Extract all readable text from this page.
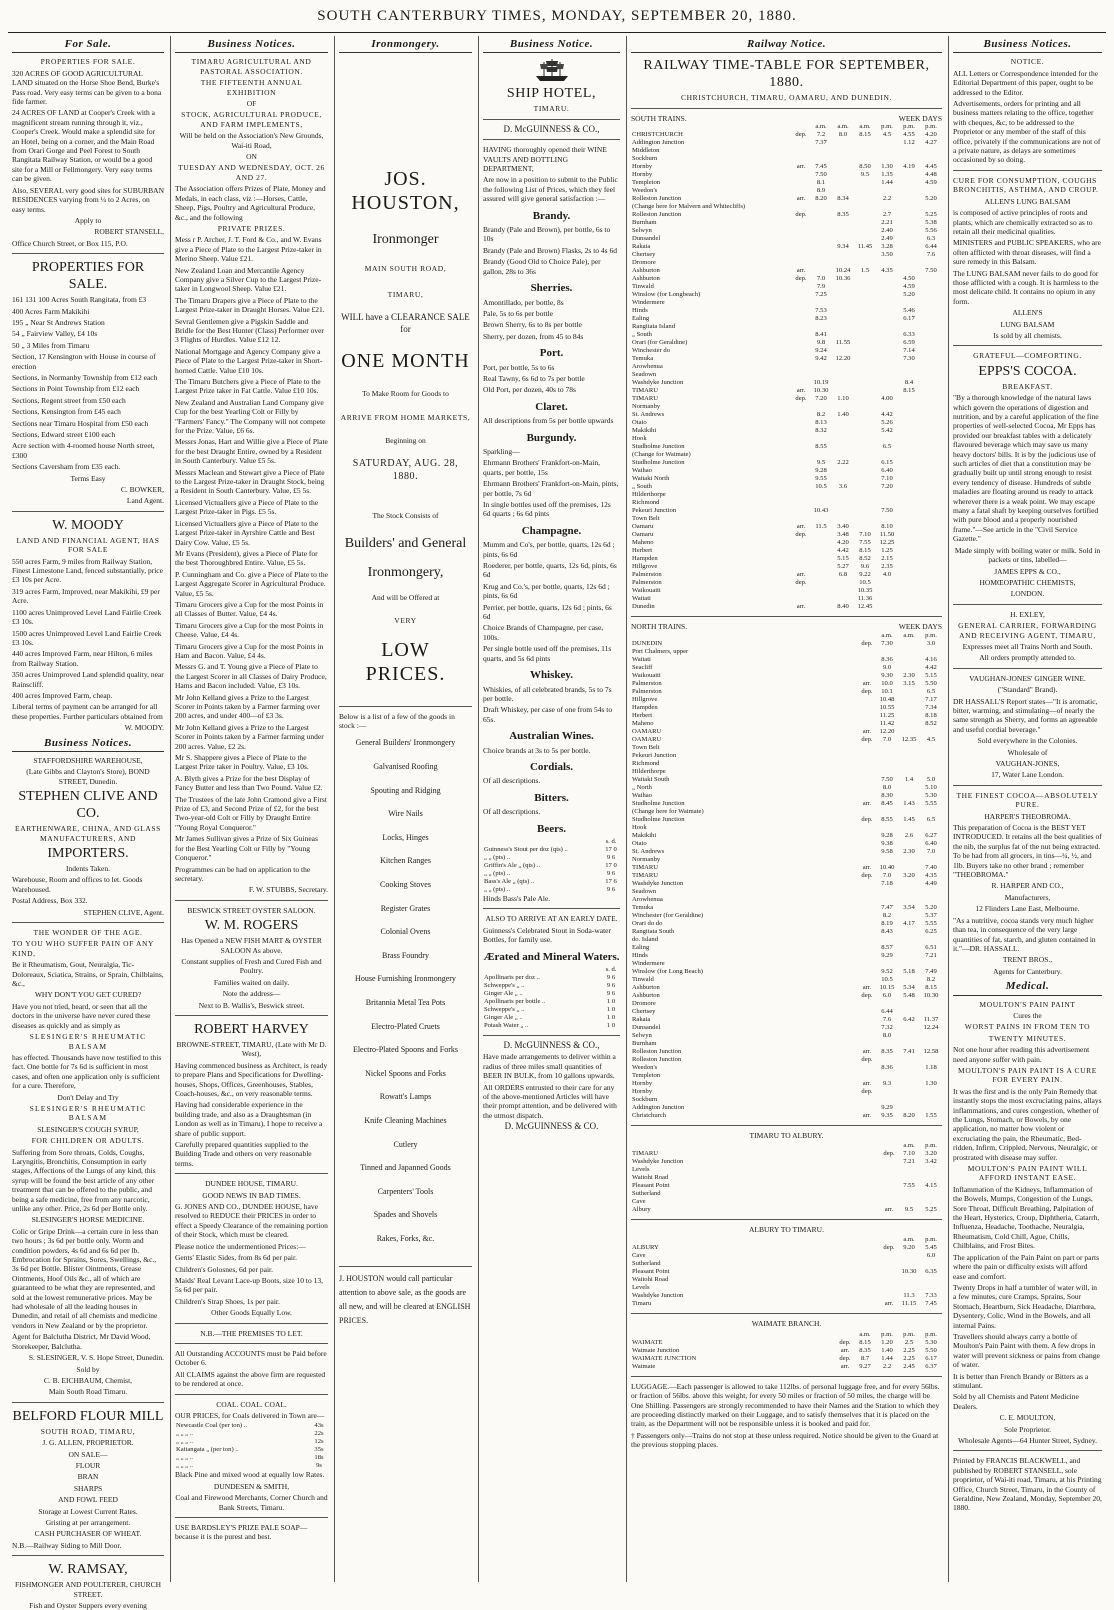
SOUTH CANTERBURY TIMES, MONDAY, SEPTEMBER 20, 1880.
For Sale.

PROPERTIES FOR SALE.

320 ACRES OF GOOD AGRICULTURAL LAND situated on the Horse Shoe Bend, Burke's Pass road. Very easy terms can be given to a bona fide farmer.

24 ACRES OF LAND at Cooper's Creek with a magnificent stream running through it, viz., Cooper's Creek. Would make a splendid site for an Hotel, being on a corner, and the Main Road from Orari Gorge and Peel Forest to South Rangitata Railway Station, or would be a good site for a Mill or Fellmongery. Very easy terms can be given.

Also, SEVERAL very good sites for SUBURBAN RESIDENCES varying from ¼ to 2 Acres, on easy terms.

Apply to

ROBERT STANSELL,

Office Church Street, or Box 115, P.O.

PROPERTIES FOR SALE.

161 131 100 Acres South Rangitata, from £3

400 Acres Farm Makikihi

195 „ Near St Andrews Station

54 „ Fairview Valley, £4 10s

50 „ 3 Miles from Timaru

Section, 17 Kensington with House in course of erection

Sections, in Normanby Township from £12 each

Sections in Point Township from £12 each

Sections, Regent street from £50 each

Sections, Kensington from £45 each

Sections near Timaru Hospital from £50 each

Sections, Edward street £100 each

Acre section with 4-roomed house North street, £300

Sections Caversham from £35 each.

Terms Easy

C. BOWKER,

Land Agent.

W. MOODY

LAND AND FINANCIAL AGENT, HAS FOR SALE

550 acres Farm, 9 miles from Railway Station, Finest Limestone Land, fenced substantially, price £3 10s per Acre.

319 acres Farm, Improved, near Makikihi, £9 per Acre.

1100 acres Unimproved Level Land Fairlie Creek £3 10s.

1500 acres Unimproved Level Land Fairlie Creek £3 10s.

440 acres Improved Farm, near Hilton, 6 miles from Railway Station.

350 acres Unimproved Land splendid quality, near Rainscliff.

400 acres Improved Farm, cheap.

Liberal terms of payment can be arranged for all these properties. Further particulars obtained from

W. MOODY.

Business Notices.

STAFFORDSHIRE WAREHOUSE,

(Late Gibbs and Clayton's Store), BOND STREET, Dunedin.

STEPHEN CLIVE AND CO.

EARTHENWARE, CHINA, AND GLASS MANUFACTURERS, AND

IMPORTERS.

Indents Taken.

Warehouse, Room and offices to let. Goods Warehoused.

Postal Address, Box 332.

STEPHEN CLIVE, Agent.

THE WONDER OF THE AGE.

TO YOU WHO SUFFER PAIN OF ANY KIND,

Be it Rheumatism, Gout, Neuralgia, Tic-Doloreaux, Sciatica, Strains, or Sprain, Chilblains, &c.,

WHY DON'T YOU GET CURED?

Have you not tried, heard, or seen that all the doctors in the universe have never cured these diseases as quickly and as simply as

SLESINGER'S RHEUMATIC BALSAM

has effected. Thousands have now testified to this fact. One bottle for 7s 6d is sufficient in most cases, and often one application only is sufficient for a cure. Therefore,

Don't Delay and Try

SLESINGER'S RHEUMATIC BALSAM

SLESINGER'S COUGH SYRUP,

FOR CHILDREN OR ADULTS.

Suffering from Sore throats, Colds, Coughs, Laryngitis, Bronchitis, Consumption in early stages, Affections of the Lungs of any kind, this syrup will be found the best article of any other treatment that can be offered to the public, and being a safe medicine, free from any narcotic, unlike any other. Price, 2s 6d per Bottle only.

SLESINGER'S HORSE MEDICINE.

Colic or Gripe Drink—a certain cure in less than two hours ; 3s 6d per bottle only. Worm and condition powders, 4s 6d and 6s 6d per lb. Embrocation for Sprains, Sores, Swellings, &c., 3s 6d per Bottle. Blister Ointments, Grease Ointments, Hoof Oils &c., all of which are guaranteed to be what they are represented, and sold at the lowest remunerative prices. May be had wholesale of all the leading houses in Dunedin, and retail of all chemists and medicine vendors in New Zealand or by the proprietor.

Agent for Balclutha District, Mr David Wood, Storekeeper, Balclutha.

S. SLESINGER, V. S. Hope Street, Dunedin.

Sold by

C. B. EICHBAUM, Chemist,

Main South Road Timaru.

BELFORD FLOUR MILL

SOUTH ROAD, TIMARU,

J. G. ALLEN, PROPRIETOR.

ON SALE—

FLOUR

BRAN

SHARPS

AND FOWL FEED

Storage at Lowest Current Rates.

Gristing at per arrangement.

CASH PURCHASER OF WHEAT.

N.B.—Railway Siding to Mill Door.

W. RAMSAY,

FISHMONGER AND POULTERER, CHURCH STREET.

Fish and Oyster Suppers every evening

Business Notices.

TIMARU AGRICULTURAL AND PASTORAL ASSOCIATION.

THE FIFTEENTH ANNUAL EXHIBITION

OF

STOCK, AGRICULTURAL PRODUCE, AND FARM IMPLEMENTS,

Will be held on the Association's New Grounds, Wai-iti Road,

ON

TUESDAY AND WEDNESDAY, OCT. 26 AND 27.

The Association offers Prizes of Plate, Money and Medals, in each class, viz :—Horses, Cattle, Sheep, Pigs, Poultry and Agricultural Produce, &c., and the following

PRIVATE PRIZES.

Mess r P. Archer, J. T. Ford & Co., and W. Evans give a Piece of Plate to the Largest Prize-taker in Merino Sheep. Value £21.

New Zealand Loan and Mercantile Agency Company give a Silver Cup to the Largest Prize-taker in Longwool Sheep. Value £21.

The Timaru Drapers give a Piece of Plate to the Largest Prize-taker in Draught Horses. Value £21.

Sevral Gentlemen give a Pigskin Saddle and Bridle for the Best Hunter (Class) Performer over 3 Flights of Hurdles. Value £12 12.

National Mortgage and Agency Company give a Piece of Plate to the Largest Prize-taker in Short-horned Cattle. Value £10 10s.

The Timaru Butchers give a Piece of Plate to the Largest Prize taker in Fat Cattle. Value £10 10s.

New Zealand and Australian Land Company give Cup for the best Yearling Colt or Filly by "Farmers' Fancy." The Company will not compete for the Prize. Value, £6 6s.

Messrs Jonas, Hart and Willie give a Piece of Plate for the best Draught Entire, owned by a Resident in South Canterbury. Value £5 5s.

Messrs Maclean and Stewart give a Piece of Plate to the Largest Prize-taker in Draught Stock, being a Resident in South Canterbury. Value, £5 5s.

Licensed Victuallers give a Piece of Plate to the Largest Prize-taker in Pigs. £5 5s.

Licensed Victuallers give a Piece of Plate to the Largest Prize-taker in Ayrshire Cattle and Best Dairy Cow. Value, £5 5s.

Mr Evans (President), gives a Piece of Plate for the best Thoroughbred Entire. Value, £5 5s.

P. Cunningham and Co. give a Piece of Plate to the Largest Aggregate Scorer in Agricultural Produce. Value, £5 5s.

Timaru Grocers give a Cup for the most Points in all Classes of Butter. Value, £4 4s.

Timaru Grocers give a Cup for the most Points in Cheese. Value, £4 4s.

Timaru Grocers give a Cup for the most Points in Ham and Bacon. Value, £4 4s.

Messrs G. and T. Young give a Piece of Plate to the Largest Scorer in all Classes of Dairy Produce, Hams and Bacon included. Value, £3 10s.

Mr John Kelland gives a Prize to the Largest Scorer in Points taken by a Farmer farming over 200 acres, and under 400—of £3 3s.

Mr John Kelland gives a Prize to the Largest Scorer in Points taken by a Farmer farming under 200 acres. Value, £2 2s.

Mr S. Shappere gives a Piece of Plate to the Largest Prize taker in Poultry. Value, £3 10s.

A. Blyth gives a Prize for the best Display of Fancy Butter and less than Two Pound. Value £2.

The Trustees of the late John Cramond give a First Prize of £3, and Second Prize of £2, for the best Two-year-old Colt or Filly by Draught Entire "Young Royal Conqueror."

Mr James Sullivan gives a Prize of Six Guineas for the Best Yearling Colt or Filly by "Young Conqueror."

Programmes can be had on application to the secretary.

F. W. STUBBS, Secretary.

BESWICK STREET OYSTER SALOON.

W. M. ROGERS

Has Opened a NEW FISH MART & OYSTER SALOON As above.

Constant supplies of Fresh and Cured Fish and Poultry.

Families waited on daily.

Note the address—

Next to B. Wallis's, Beswick street.

ROBERT HARVEY

BROWNE-STREET, TIMARU, (Late with Mr D. West),

Having commenced business as Architect, is ready to prepare Plans and Specifications for Dwelling-houses, Shops, Offices, Greenhouses, Stables, Coach-houses, &c., on very reasonable terms.

Having had considerable experience in the building trade, and also as a Draughtsman (in London as well as in Timaru), I hope to receive a share of public support.

Carefully prepared quantities supplied to the Building Trade and others on very reasonable terms.

DUNDEE HOUSE, TIMARU.

GOOD NEWS IN BAD TIMES.

G. JONES AND CO., DUNDEE HOUSE, have resolved to REDUCE their PRICES in order to effect a Speedy Clearance of the remaining portion of their Stock, which must be cleared.

Please notice the undermentioned Prices:—

Gents' Elastic Sides, from 8s 6d per pair.

Children's Golosnes, 6d per pair.

Maids' Real Levant Lace-up Boots, size 10 to 13, 5s 6d per pair.

Children's Strap Shoes, 1s per pair.

Other Goods Equally Low.

N.B.—THE PREMISES TO LET.

All Outstanding ACCOUNTS must be Paid before October 6.

All CLAIMS against the above firm are requested to be rendered at once.

COAL. COAL. COAL.

OUR PRICES, for Coals delivered in Town are—

Newcastle Coal (per ton) ..	43s
„ „ „ ..	22s
„ „ „ ..	12s
Kaitangata „ (per ton) ..	35s
„ „ „ ..	18s
„ „ „ ..	9s

Black Pine and mixed wood at equally low Rates.

DUNDESEN & SMITH,

Coal and Firewood Merchants, Corner Church and Bank Streets, Timaru.

USE BARDSLEY'S PRIZE PALE SOAP—because it is the purest and best.

Ironmongery.

JOS. HOUSTON,

Ironmonger

MAIN SOUTH ROAD,

TIMARU,

WILL have a CLEARANCE SALE for

ONE MONTH

To Make Room for Goods to

ARRIVE FROM HOME MARKETS,

Beginning on

SATURDAY, AUG. 28, 1880.

The Stock Consists of

Builders' and General

Ironmongery,

And will be Offered at

VERY

LOW PRICES.

Below is a list of a few of the goods in stock :—

General Builders' Ironmongery

Galvanised Roofing

Spouting and Ridging

Wire Nails

Locks, Hinges

Kitchen Ranges

Cooking Stoves

Register Grates

Colonial Ovens

Brass Foundry

House Furnishing Ironmongery

Britannia Metal Tea Pots

Electro-Plated Cruets

Electro-Plated Spoons and Forks

Nickel Spoons and Forks

Rowatt's Lamps

Knife Cleaning Machines

Cutlery

Tinned and Japanned Goods

Carpenters' Tools

Spades and Shovels

Rakes, Forks, &c.

J. HOUSTON would call particular attention to above sale, as the goods are all new, and will be cleared at ENGLISH PRICES.

Business Notice.

SHIP HOTEL,

TIMARU.

D. McGUINNESS & CO.,

HAVING thoroughly opened their WINE VAULTS AND BOTTLING DEPARTMENT,

Are now in a position to submit to the Public the following List of Prices, which they feel assured will give general satisfaction :—

Brandy.

Brandy (Pale and Brown), per bottle, 6s to 10s

Brandy (Pale and Brown) Flasks, 2s to 4s 6d

Brandy (Good Old to Choice Pale), per gallon, 28s to 36s

Sherries.

Amontillado, per bottle, 8s

Pale, 5s to 6s per bottle

Brown Sherry, 6s to 8s per bottle

Sherry, per dozen, from 45 to 84s

Port.

Port, per bottle, 5s to 6s

Real Tawny, 6s 6d to 7s per bottle

Old Port, per dozen, 40s to 78s

Claret.

All descriptions from 5s per bottle upwards

Burgundy.

Sparkling—

Ehrmann Brothers' Frankfort-on-Main, quarts, per bottle, 15s

Ehrmann Brothers' Frankfort-on-Main, pints, per bottle, 7s 6d

In single bottles used off the premises, 12s 6d quarts ; 6s 6d pints

Champagne.

Mumm and Co's, per bottle, quarts, 12s 6d ; pints, 6s 6d

Roederer, per bottle, quarts, 12s 6d, pints, 6s 6d

Krug and Co.'s, per bottle, quarts, 12s 6d ; pints, 6s 6d

Perrier, per bottle, quarts, 12s 6d ; pints, 6s 6d

Choice Brands of Champagne, per case, 100s.

Per single bottle used off the premises, 11s quarts, and 5s 6d pints

Whiskey.

Whiskies, of all celebrated brands, 5s to 7s per bottle.

Draft Whiskey, per case of one from 54s to 65s.

Australian Wines.

Choice brands at 3s to 5s per bottle.

Cordials.

Of all descriptions.

Bitters.

Of all descriptions.

Beers.

	s. d.
Guinness's Stout per doz (qts) ..	17 0
„ „ (pts) ..	9 6
Griffin's Ale „ (qts) ..	17 0
„ „ (pts) ..	9 6
Bass's Ale „ (qts) ..	17 6
„ „ (pts) ..	9 6

Hinds Bass's Pale Ale.

ALSO TO ARRIVE AT AN EARLY DATE.

Guinness's Celebrated Stout in Soda-water Bottles, for family use.

Ærated and Mineral Waters.

	s. d.
Apollinaris per doz ..	9 6
Schweppe's „ ..	9 6
Ginger Ale „ ..	9 6
Apollinaris per bottle ..	1 0
Schweppe's „ ..	1 0
Ginger Ale „ ..	1 0
Potash Water „ ..	1 0

D. McGUINNESS & CO.,

Have made arrangements to deliver within a radius of three miles small quantities of BEER IN BULK, from 10 gallons upwards.

All ORDERS entrusted to their care for any of the above-mentioned Articles will have their prompt attention, and be delivered with the utmost dispatch.

D. McGUINNESS & CO.

Railway Notice.

RAILWAY TIME-TABLE FOR SEPTEMBER, 1880.

CHRISTCHURCH, TIMARU, OAMARU, AND DUNEDIN.

SOUTH TRAINS.	WEEK DAYS
		a.m.	a.m.	a.m.	p.m.	p.m.	p.m.
CHRISTCHURCH	dep.	7.2	8.0	8.15	4.5	4.55	4.20
Addington Junction		7.37				1.12	4.27
Middleton							
Sockburn							
Hornby	arr.	7.45		8.50	1.30	4.19	4.45
Hornby		7.50		9.5	1.35		4.48
Templeton		8.1			1.44		4.59
Weedon's		8.9					
Rolleston Junction	arr.	8.20	8.34		2.2		5.20
(Change here for Malvern and Whitecliffs)							
Rolleston Junction	dep.		8.35		2.7		5.25
Burnham					2.21		5.38
Selwyn					2.40		5.56
Dunsandel					2.49		6.3
Rakaia			9.34	11.45	3.28		6.44
Chertsey					3.50		7.6
Dromore							
Ashburton	arr.		10.24	1.5	4.35		7.50
Ashburton	dep.	7.0	10.36			4.50	
Tinwald		7.9				4.59	
Winslow (for Longbeach)		7.25				5.20	
Windermere							
Hinds		7.53				5.46	
Ealing		8.23				6.17	
Rangitata Island							
„ South		8.41				6.33	
Orari (for Geraldine)		9.8	11.55			6.59	
Winchester do		9.24				7.14	
Temuka		9.42	12.20			7.30	
Arowhenua							
Seadown							
Washdyke Junction		10.19				8.4	
TIMARU	arr.	10.30				8.15	
TIMARU	dep.	7.20	1.10		4.00		
Normanby							
St. Andrews		8.2	1.40		4.42		
Otaio		8.13			5.26		
Makikihi		8.32			5.42		
Hook							
Studholme Junction		8.55			6.5		
(Change for Waimate)							
Studholme Junction		9.5	2.22		6.15		
Waihao		9.28			6.40		
Waitaki North		9.55			7.10		
„ South		10.5	3.6		7.20		
Hilderthorpe							
Richmond							
Pekeuri Junction		10.43			7.50		
Town Belt							
Oamaru	arr.	11.5	3.40		8.10		
Oamaru	dep.		3.48	7.10	11.50		
Maheno			4.20	7.55	12.25		
Herbert			4.42	8.15	1.25		
Hampden			5.15	8.52	2.15		
Hillgrove			5.27	9.6	2.35		
Palmerston	arr.		6.8	9.22	4.0		
Palmerston	dep.			10.5			
Waikouaiti				10.35			
Waitati				11.36			
Dunedin	arr.		8.40	12.45			
NORTH TRAINS.	WEEK DAYS
		a.m.	a.m.	p.m.
DUNEDIN	dep.	7.30		3.0
Port Chalmers, upper				
Waitati		8.36		4.16
Seacliff		9.0		4.42
Waikouaiti		9.30	2.30	5.15
Palmerston	arr.	10.0	3.15	5.50
Palmerston	dep.	10.1		6.5
Hillgrove		10.48		7.17
Hampden		10.55		7.34
Herbert		11.25		8.18
Maheno		11.42		8.52
OAMARU	arr.	12.20		
OAMARU	dep.	7.0	12.35	4.5
Town Belt				
Pekeuri Junction				
Richmond				
Hilderthorpe				
Waitaki South		7.50	1.4	5.0
„ North		8.0		5.10
Waihao		8.30		5.30
Studholme Junction	arr.	8.45	1.43	5.55
(Change here for Waimate)				
Studholme Junction	dep.	8.55	1.45	6.5
Hook				
Makikihi		9.28	2.6	6.27
Otaio		9.38		6.40
St. Andrews		9.58	2.30	7.0
Normanby				
TIMARU	arr.	10.40		7.40
TIMARU	dep.	7.0	3.20	4.35
Washdyke Junction		7.18		4.49
Seadown				
Arowhenua				
Temuka		7.47	3.54	5.20
Winchester (for Geraldine)		8.2		5.37
Orari do do		8.19	4.17	5.55
Rangitata South		8.43		6.25
do. Island				
Ealing		8.57		6.51
Hinds		9.29		7.21
Windermere				
Winslow (for Long Beach)		9.52	5.18	7.49
Tinwald		10.5		8.2
Ashburton	arr.	10.15	5.34	8.15
Ashburton	dep.	6.0	5.48	10.30
Dromore				
Chertsey		6.44		
Rakaia		7.6	6.42	11.37
Dunsandel		7.32		12.24
Selwyn		8.0		
Burnham				
Rolleston Junction	arr.	8.35	7.41	12.58
Rolleston Junction	dep.			
Weedon's		8.36		1.18
Templeton				
Hornby	arr.	9.3		1.30
Hornby	dep.			
Sockburn				
Addington Junction		9.29		
Christchurch	arr.	9.35	8.20	1.55

TIMARU TO ALBURY.

		a.m.	p.m.
TIMARU	dep.	7.10	3.20
Washdyke Junction		7.21	3.42
Levels			
Waitohi Road			
Pleasant Point		7.55	4.15
Sutherland			
Cave			
Albury	arr.	9.5	5.25

ALBURY TO TIMARU.

		a.m.	p.m.
ALBURY	dep.	9.20	5.45
Cave			6.0
Sutherland			
Pleasant Point		10.30	6.35
Waitohi Road			
Levels			
Washdyke Junction		11.3	7.33
Timaru	arr.	11.15	7.45

WAIMATE BRANCH.

		a.m.	p.m.	p.m.	p.m.
WAIMATE	dep.	8.15	1.20	2.5	5.30
Waimate Junction	arr.	8.35	1.40	2.25	5.50
WAIMATE JUNCTION	dep.	8.7	1.44	2.25	6.17
Waimate	arr.	9.27	2.2	2.45	6.37

LUGGAGE.—Each passenger is allowed to take 112lbs. of personal luggage free, and for every 56lbs. or fraction of 56lbs. above this weight, for every 50 miles or fraction of 50 miles, the charge will be One Shilling. Passengers are strongly recommended to have their Names and the Station to which they are proceeding distinctly marked on their Luggage, and to satisfy themselves that it is placed on the train, as the Department will not be responsible unless it is booked and paid for.

† Passengers only—Trains do not stop at these unless required. Notice should be given to the Guard at the previous stopping places.

Business Notices.

NOTICE.

ALL Letters or Correspondence intended for the Editorial Department of this paper, ought to be addressed to the Editor.

Advertisements, orders for printing and all business matters relating to the office, together with cheques, &c, to be addressed to the Proprietor or any member of the staff of this office, privately if the communications are not of a private nature, as delays are sometimes occasioned by so doing.

CURE FOR CONSUMPTION, COUGHS BRONCHITIS, ASTHMA, AND CROUP.

ALLEN'S LUNG BALSAM

is composed of active principles of roots and plants, which are chemically extracted so as to retain all their medicinal qualities.

MINISTERS and PUBLIC SPEAKERS, who are often afflicted with throat diseases, will find a sure remedy in this Balsam.

The LUNG BALSAM never fails to do good for those afflicted with a cough. It is harmless to the most delicate child. It contains no opium in any form.

ALLEN'S

LUNG BALSAM

Is sold by all chemists.

GRATEFUL—COMFORTING.

EPPS'S COCOA.

BREAKFAST.

"By a thorough knowledge of the natural laws which govern the operations of digestion and nutrition, and by a careful application of the fine properties of well-selected Cocoa, Mr Epps has provided our breakfast tables with a delicately flavoured beverage which may save us many heavy doctors' bills. It is by the judicious use of such articles of diet that a constitution may be gradually built up until strong enough to resist every tendency of disease. Hundreds of subtle maladies are floating around us ready to attack wherever there is a weak point. We may escape many a fatal shaft by keeping ourselves fortified with pure blood and a properly nourished frame."—See article in the "Civil Service Gazette."

Made simply with boiling water or milk. Sold in packets or tins, labelled—

JAMES EPPS & CO.,

HOMŒOPATHIC CHEMISTS,

LONDON.

H. EXLEY,

GENERAL CARRIER, FORWARDING AND RECEIVING AGENT, TIMARU,

Expresses meet all Trains North and South.

All orders promptly attended to.

VAUGHAN-JONES' GINGER WINE.

("Standard" Brand).

DR HASSALL'S Report states—"It is aromatic, bitter, warming, and stimulating—of nearly the same strength as Sherry, and forms an agreeable and useful cordial beverage."

Sold everywhere in the Colonies.

Wholesale of

VAUGHAN-JONES,

17, Water Lane London.

THE FINEST COCOA—ABSOLUTELY PURE.

HARPER'S THEOBROMA.

This preparation of Cocoa is the BEST YET INTRODUCED. It retains all the best qualities of the nib, the surplus fat of the nut being extracted. To be had from all grocers, in tins—¼, ½, and 1lb. Buyers take no other brand ; remember "THEOBROMA."

R. HARPER AND CO.,

Manufacturers,

12 Flinders Lane East, Melbourne.

"As a nutritive, cocoa stands very much higher than tea, in consequence of the very large quantities of fat, starch, and gluten contained in it."—DR. HASSALL.

TRENT BROS.,

Agents for Canterbury.

Medical.

MOULTON'S PAIN PAINT

Cures the

WORST PAINS IN FROM TEN TO

TWENTY MINUTES.

Not one hour after reading this advertisement need anyone suffer with pain.

MOULTON'S PAIN PAINT IS A CURE FOR EVERY PAIN.

It was the first and is the only Pain Remedy that instantly stops the most excruciating pains, allays inflammations, and cures congestion, whether of the Lungs, Stomach, or Bowels, by one application, no matter how violent or excruciating the pain, the Rheumatic, Bed-ridden, Infirm, Crippled, Nervous, Neuralgic, or prostrated with disease may suffer.

MOULTON'S PAIN PAINT WILL AFFORD INSTANT EASE.

Inflammation of the Kidneys, Inflammation of the Bowels, Mumps, Congestion of the Lungs, Sore Throat, Difficult Breathing, Palpitation of the Heart, Hysterics, Croup, Diphtheria, Catarrh, Influenza, Headache, Toothache, Neuralgia, Rheumatism, Cold Chill, Ague, Chills, Chilblains, and Frost Bites.

The application of the Pain Paint on part or parts where the pain or difficulty exists will afford ease and comfort.

Twenty Drops in half a tumbler of water will, in a few minutes, cure Cramps, Sprains, Sour Stomach, Heartburn, Sick Headache, Diarrhœa, Dysentery, Colic, Wind in the Bowels, and all internal Pains.

Travellers should always carry a bottle of Moulton's Pain Paint with them. A few drops in water will prevent sickness or pains from change of water.

It is better than French Brandy or Bitters as a stimulant.

Sold by all Chemists and Patent Medicine Dealers.

C. E. MOULTON,

Sole Proprietor.

Wholesale Agents—64 Hunter Street, Sydney.

Printed by FRANCIS BLACKWELL, and published by ROBERT STANSELL, sole proprietor, of Wai-iti road, Timaru, at his Printing Office, Church Street, Timaru, in the County of Geraldine, New Zealand, Monday, September 20, 1880.
